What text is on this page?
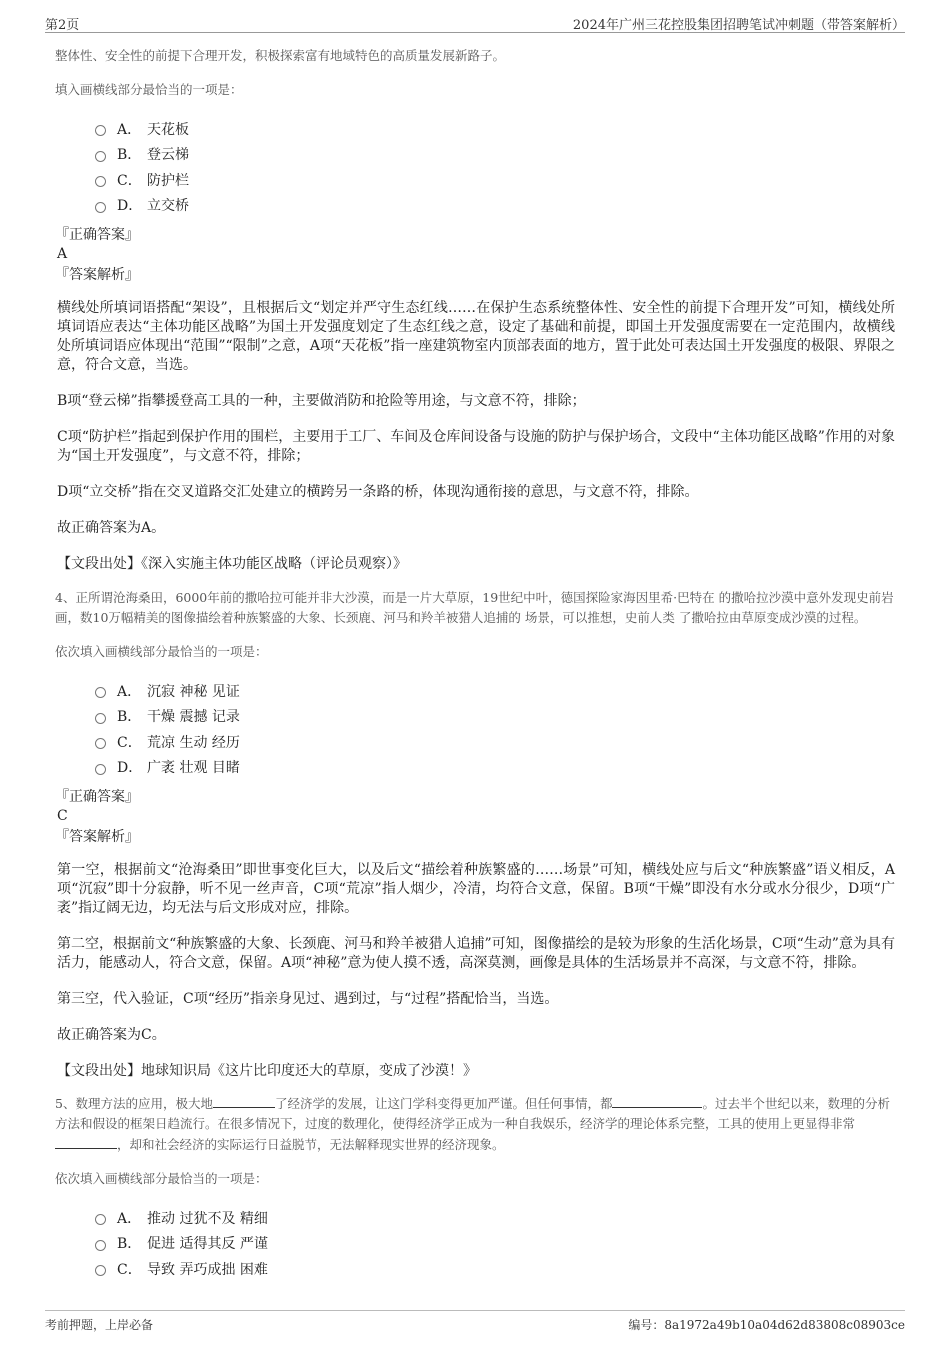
第2页	2024年广州三花控股集团招聘笔试冲刺题（带答案解析）

整体性、安全性的前提下合理开发，积极探索富有地域特色的高质量发展新路子。

填入画横线部分最恰当的一项是：

A． 天花板
B． 登云梯
C． 防护栏
D． 立交桥

『正确答案』

A

『答案解析』

横线处所填词语搭配“架设”，且根据后文“划定并严守生态红线……在保护生态系统整体性、安全性的前提下合理开发”可知，横线处所填词语应表达“主体功能区战略”为国土开发强度划定了生态红线之意，设定了基础和前提，即国土开发强度需要在一定范围内，故横线处所填词语应体现出“范围”“限制”之意，A项“天花板”指一座建筑物室内顶部表面的地方，置于此处可表达国土开发强度的极限、界限之意，符合文意，当选。

B项“登云梯”指攀援登高工具的一种，主要做消防和抢险等用途，与文意不符，排除；

C项“防护栏”指起到保护作用的围栏，主要用于工厂、车间及仓库间设备与设施的防护与保护场合，文段中“主体功能区战略”作用的对象为“国土开发强度”，与文意不符，排除；

D项“立交桥”指在交叉道路交汇处建立的横跨另一条路的桥，体现沟通衔接的意思，与文意不符，排除。

故正确答案为A。

【文段出处】《深入实施主体功能区战略（评论员观察）》

4、正所谓沧海桑田，6000年前的撒哈拉可能并非大沙漠，而是一片大草原，19世纪中叶，德国探险家海因里希·巴特在 的撒哈拉沙漠中意外发现史前岩画，数10万幅精美的图像描绘着种族繁盛的大象、长颈鹿、河马和羚羊被猎人追捕的 场景，可以推想，史前人类 了撒哈拉由草原变成沙漠的过程。

依次填入画横线部分最恰当的一项是：

A． 沉寂 神秘 见证
B． 干燥 震撼 记录
C． 荒凉 生动 经历
D． 广袤 壮观 目睹

『正确答案』

C

『答案解析』

第一空，根据前文“沧海桑田”即世事变化巨大，以及后文“描绘着种族繁盛的……场景”可知，横线处应与后文“种族繁盛”语义相反，A项“沉寂”即十分寂静，听不见一丝声音，C项“荒凉”指人烟少，冷清，均符合文意，保留。B项“干燥”即没有水分或水分很少，D项“广袤”指辽阔无边，均无法与后文形成对应，排除。

第二空，根据前文“种族繁盛的大象、长颈鹿、河马和羚羊被猎人追捕”可知，图像描绘的是较为形象的生活化场景，C项“生动”意为具有活力，能感动人，符合文意，保留。A项“神秘”意为使人摸不透，高深莫测，画像是具体的生活场景并不高深，与文意不符，排除。

第三空，代入验证，C项“经历”指亲身见过、遇到过，与“过程”搭配恰当，当选。

故正确答案为C。

【文段出处】地球知识局《这片比印度还大的草原，变成了沙漠！》

5、数理方法的应用，极大地	了经济学的发展，让这门学科变得更加严谨。但任何事情，都	。过去半个世纪以来，数理的分析方法和假设的框架日趋流行。在很多情况下，过度的数理化，使得经济学正成为一种自我娱乐，经济学的理论体系完整，工具的使用上更显得非常，却和社会经济的实际运行日益脱节，无法解释现实世界的经济现象。

依次填入画横线部分最恰当的一项是：

A． 推动 过犹不及 精细
B． 促进 适得其反 严谨
C． 导致 弄巧成拙 困难
考前押题，上岸必备	编号：8a1972a49b10a04d62d83808c08903ce
